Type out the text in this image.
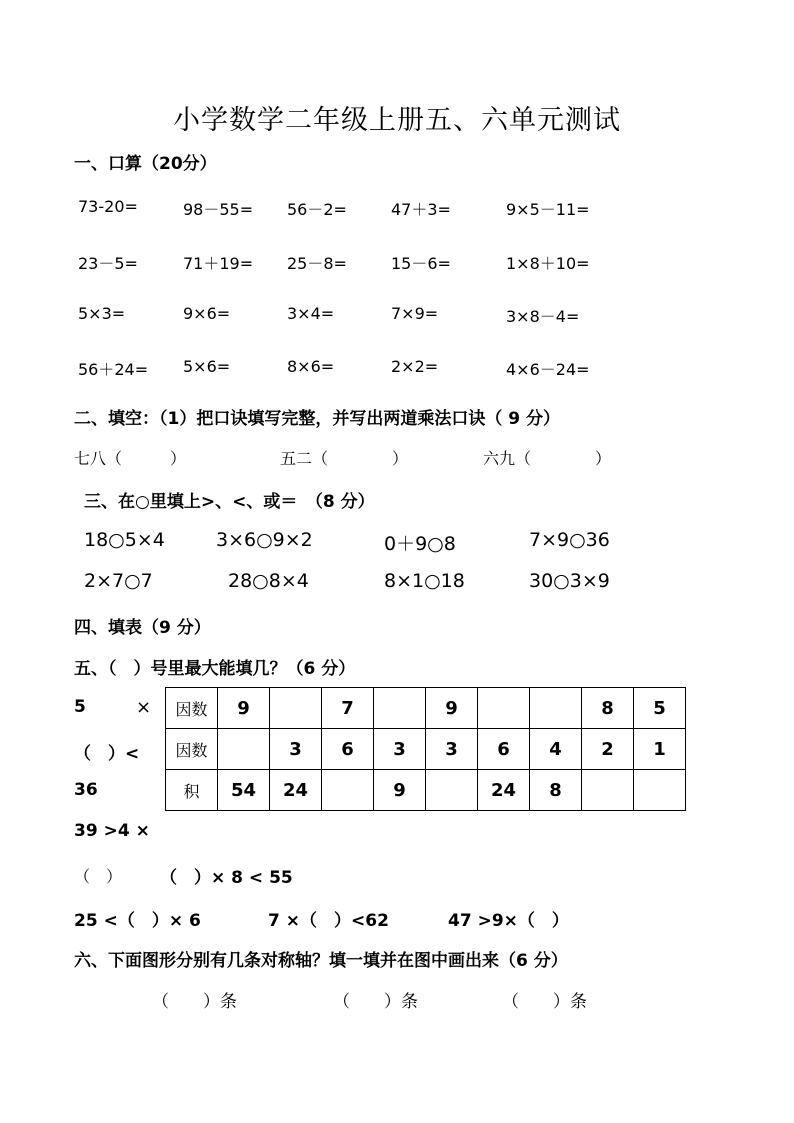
小学数学二年级上册五、六单元测试
一、口算（20分）
73-20=	98－55= 56－2=	47＋3=	9×5－11=
23－5=	71＋19= 25－8=	15－6=	1×8＋10=
5×3=	9×6=	3×4=	7×9=	3×8－4=
56＋24= 5×6=	8×6=	2×2=	4×6－24=
二、填空：（1）把口诀填写完整，并写出两道乘法口诀（ 9 分）
七八（　　　）	五二（　　　　）	六九（　　　　）
三、在○里填上>、<、或＝　（8 分）
18○5×4	3×6○9×2	0＋9○8	7×9○36
2×7○7	28○8×4	8×1○18	30○3×9
四、填表（9 分）
五、（　）号里最大能填几？（6 分）
5	×
（　）<
36
39 >4 ×
（　） （　）× 8 < 55
25 <（　）× 6	7 ×（　）<62	47 >9×（　）
因数	9		7		9			8	5
因数		3	6	3	3	6	4	2	1
积	54	24		9		24	8		
六、下面图形分别有几条对称轴？填一填并在图中画出来（6 分）
（　　）条	（　　）条	（　　）条
